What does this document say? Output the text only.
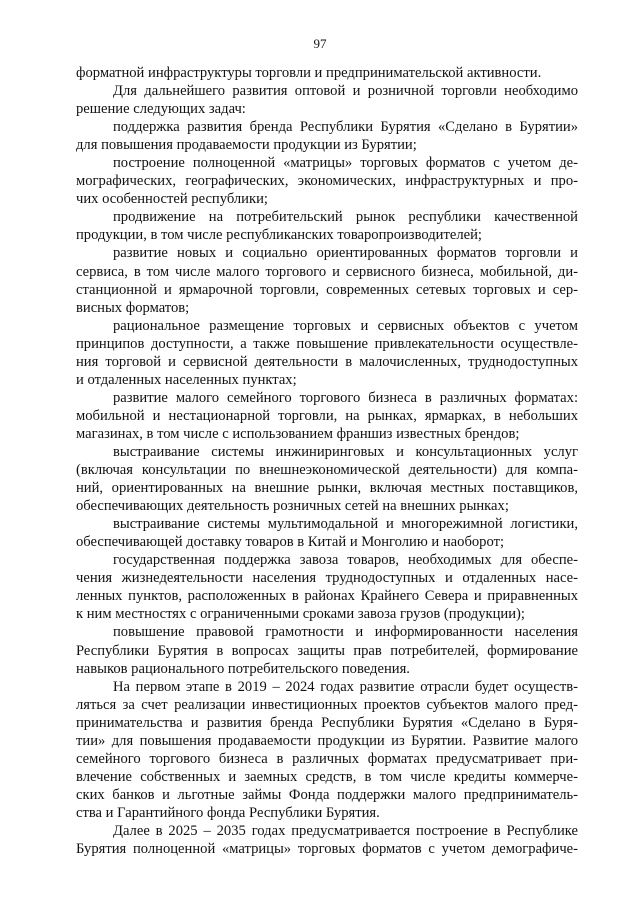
97
форматной инфраструктуры торговли и предпринимательской активности.
Для дальнейшего развития оптовой и розничной торговли необходимо
решение следующих задач:
поддержка развития бренда Республики Бурятия «Сделано в Бурятии»
для повышения продаваемости продукции из Бурятии;
построение полноценной «матрицы» торговых форматов с учетом де-
мографических, географических, экономических, инфраструктурных и про-
чих особенностей республики;
продвижение на потребительский рынок республики качественной
продукции, в том числе республиканских товаропроизводителей;
развитие новых и социально ориентированных форматов торговли и
сервиса, в том числе малого торгового и сервисного бизнеса, мобильной, ди-
станционной и ярмарочной торговли, современных сетевых торговых и сер-
висных форматов;
рациональное размещение торговых и сервисных объектов с учетом
принципов доступности, а также повышение привлекательности осуществле-
ния торговой и сервисной деятельности в малочисленных, труднодоступных
и отдаленных населенных пунктах;
развитие малого семейного торгового бизнеса в различных форматах:
мобильной и нестационарной торговли, на рынках, ярмарках, в небольших
магазинах, в том числе с использованием франшиз известных брендов;
выстраивание системы инжиниринговых и консультационных услуг
(включая консультации по внешнеэкономической деятельности) для компа-
ний, ориентированных на внешние рынки, включая местных поставщиков,
обеспечивающих деятельность розничных сетей на внешних рынках;
выстраивание системы мультимодальной и многорежимной логистики,
обеспечивающей доставку товаров в Китай и Монголию и наоборот;
государственная поддержка завоза товаров, необходимых для обеспе-
чения жизнедеятельности населения труднодоступных и отдаленных насе-
ленных пунктов, расположенных в районах Крайнего Севера и приравненных
к ним местностях с ограниченными сроками завоза грузов (продукции);
повышение правовой грамотности и информированности населения
Республики Бурятия в вопросах защиты прав потребителей, формирование
навыков рационального потребительского поведения.
На первом этапе в 2019 – 2024 годах развитие отрасли будет осуществ-
ляться за счет реализации инвестиционных проектов субъектов малого пред-
принимательства и развития бренда Республики Бурятия «Сделано в Буря-
тии» для повышения продаваемости продукции из Бурятии. Развитие малого
семейного торгового бизнеса в различных форматах предусматривает при-
влечение собственных и заемных средств, в том числе кредиты коммерче-
ских банков и льготные займы Фонда поддержки малого предприниматель-
ства и Гарантийного фонда Республики Бурятия.
Далее в 2025 – 2035 годах предусматривается построение в Республике
Бурятия полноценной «матрицы» торговых форматов с учетом демографиче-
